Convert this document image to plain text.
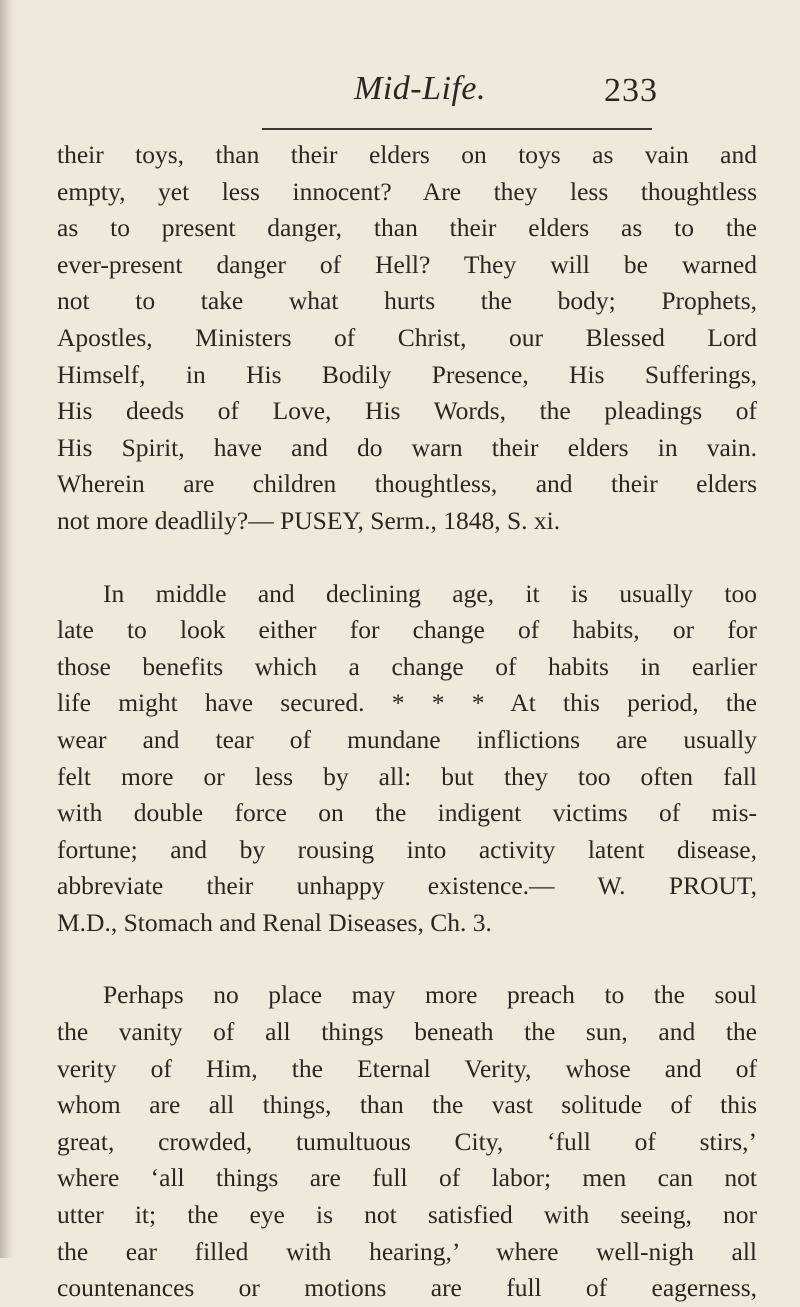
Mid-Life.	233
their toys, than their elders on toys as vain and
empty, yet less innocent? Are they less thoughtless
as to present danger, than their elders as to the
ever-present danger of Hell? They will be warned
not to take what hurts the body; Prophets,
Apostles, Ministers of Christ, our Blessed Lord
Himself, in His Bodily Presence, His Sufferings,
His deeds of Love, His Words, the pleadings of
His Spirit, have and do warn their elders in vain.
Wherein are children thoughtless, and their elders
not more deadlily?— PUSEY, Serm., 1848, S. xi.
In middle and declining age, it is usually too
late to look either for change of habits, or for
those benefits which a change of habits in earlier
life might have secured. * * * At this period, the
wear and tear of mundane inflictions are usually
felt more or less by all: but they too often fall
with double force on the indigent victims of mis-
fortune; and by rousing into activity latent disease,
abbreviate their unhappy existence.— W. PROUT,
M.D., Stomach and Renal Diseases, Ch. 3.
Perhaps no place may more preach to the soul
the vanity of all things beneath the sun, and the
verity of Him, the Eternal Verity, whose and of
whom are all things, than the vast solitude of this
great, crowded, tumultuous City, ‘full of stirs,’
where ‘all things are full of labor; men can not
utter it; the eye is not satisfied with seeing, nor
the ear filled with hearing,’ where well-nigh all
countenances or motions are full of eagerness,
